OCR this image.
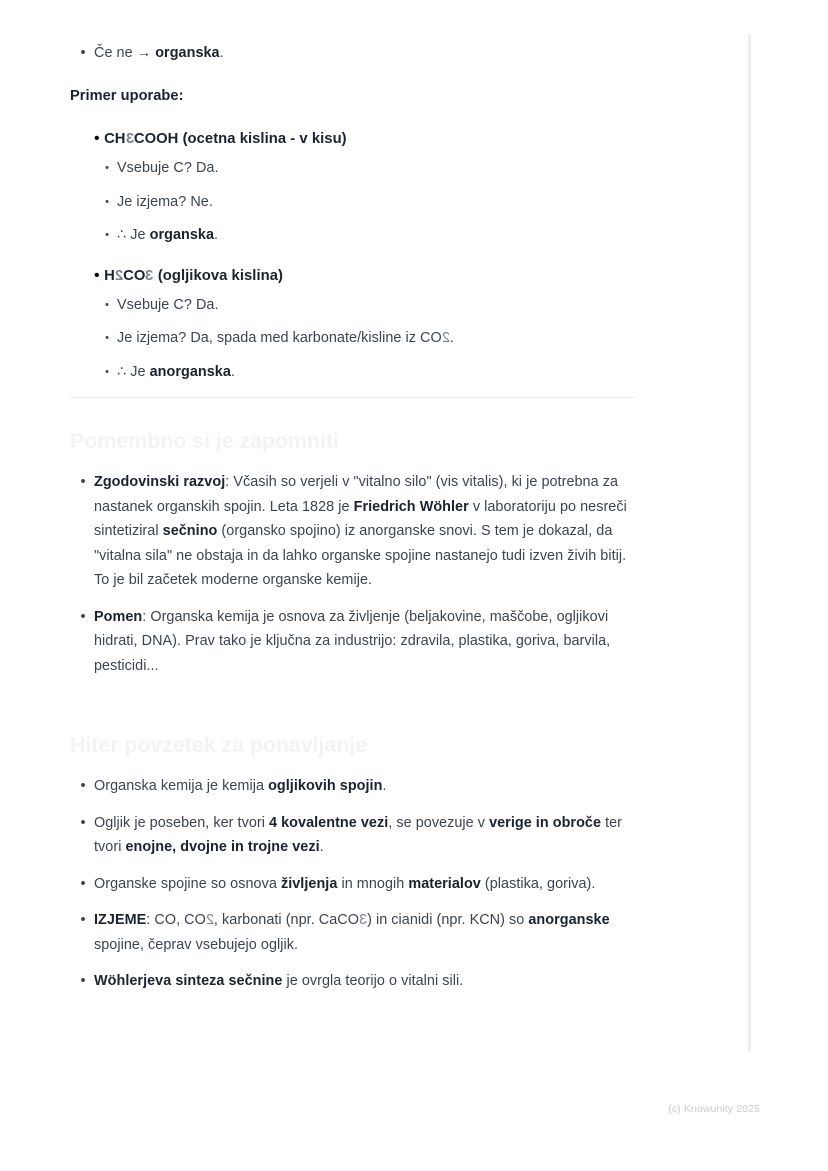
• Če ne → organska.
Primer uporabe:
• CH3COOH (ocetna kislina - v kisu)
• Vsebuje C? Da.
• Je izjema? Ne.
• ∴ Je organska.
• H2CO3 (ogljikova kislina)
• Vsebuje C? Da.
• Je izjema? Da, spada med karbonate/kisline iz CO2.
• ∴ Je anorganska.
Pomembno si je zapomniti
• Zgodovinski razvoj: Včasih so verjeli v "vitalno silo" (vis vitalis), ki je potrebna za nastanek organskih spojin. Leta 1828 je Friedrich Wöhler v laboratoriju po nesreči sintetiziral sečnino (organsko spojino) iz anorganske snovi. S tem je dokazal, da "vitalna sila" ne obstaja in da lahko organske spojine nastanejo tudi izven živih bitij. To je bil začetek moderne organske kemije.
• Pomen: Organska kemija je osnova za življenje (beljakovine, maščobe, ogljikovi hidrati, DNA). Prav tako je ključna za industrijo: zdravila, plastika, goriva, barvila, pesticidi...
Hiter povzetek za ponavljanje
• Organska kemija je kemija ogljikovih spojin.
• Ogljik je poseben, ker tvori 4 kovalentne vezi, se povezuje v verige in obroče ter tvori enojne, dvojne in trojne vezi.
• Organske spojine so osnova življenja in mnogih materialov (plastika, goriva).
• IZJEME: CO, CO2, karbonati (npr. CaCO3) in cianidi (npr. KCN) so anorganske spojine, čeprav vsebujejo ogljik.
• Wöhlerjeva sinteza sečnine je ovrgla teorijo o vitalni sili.
(c) Knowunity 2025
